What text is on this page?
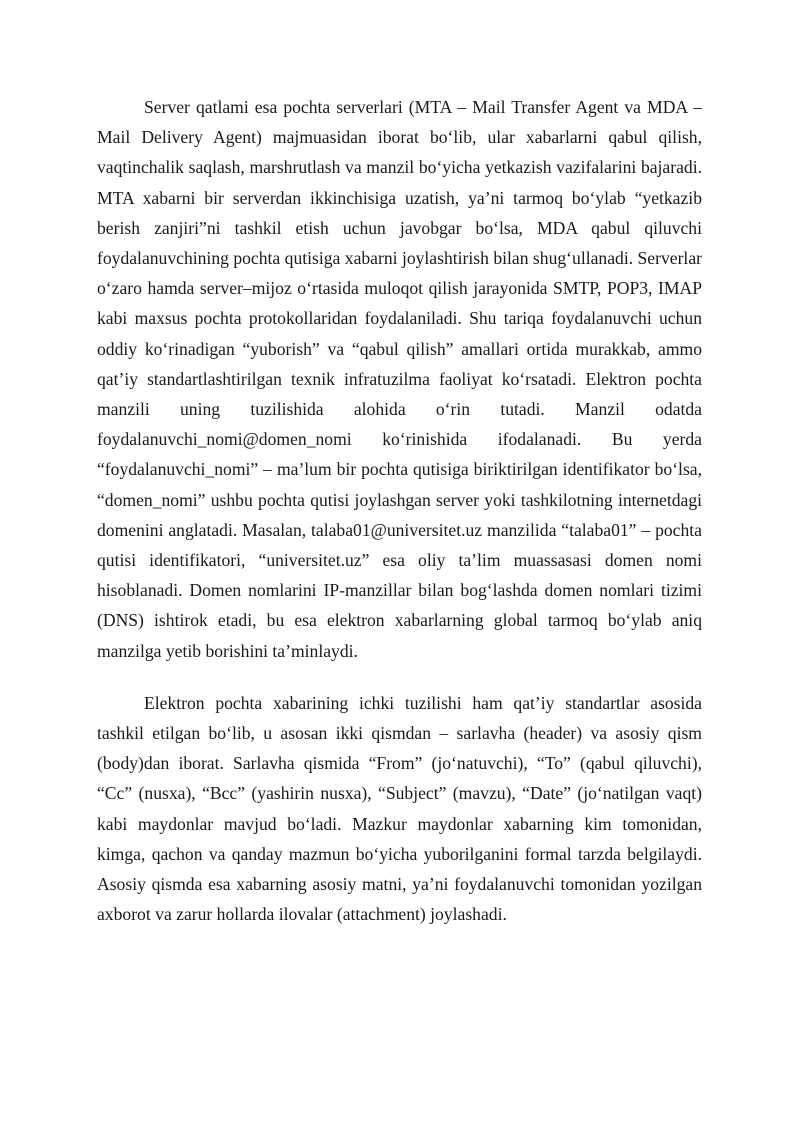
Server qatlami esa pochta serverlari (MTA – Mail Transfer Agent va MDA – Mail Delivery Agent) majmuasidan iborat bo‘lib, ular xabarlarni qabul qilish, vaqtinchalik saqlash, marshrutlash va manzil bo‘yicha yetkazish vazifalarini bajaradi. MTA xabarni bir serverdan ikkinchisiga uzatish, ya’ni tarmoq bo‘ylab “yetkazib berish zanjiri”ni tashkil etish uchun javobgar bo‘lsa, MDA qabul qiluvchi foydalanuvchining pochta qutisiga xabarni joylashtirish bilan shug‘ullanadi. Serverlar o‘zaro hamda server–mijoz o‘rtasida muloqot qilish jarayonida SMTP, POP3, IMAP kabi maxsus pochta protokollaridan foydalaniladi. Shu tariqa foydalanuvchi uchun oddiy ko‘rinadigan “yuborish” va “qabul qilish” amallari ortida murakkab, ammo qat’iy standartlashtirilgan texnik infratuzilma faoliyat ko‘rsatadi. Elektron pochta manzili uning tuzilishida alohida o‘rin tutadi. Manzil odatda foydalanuvchi_nomi@domen_nomi ko‘rinishida ifodalanadi. Bu yerda “foydalanuvchi_nomi” – ma’lum bir pochta qutisiga biriktirilgan identifikator bo‘lsa, “domen_nomi” ushbu pochta qutisi joylashgan server yoki tashkilotning internetdagi domenini anglatadi. Masalan, talaba01@universitet.uz manzilida “talaba01” – pochta qutisi identifikatori, “universitet.uz” esa oliy ta’lim muassasasi domen nomi hisoblanadi. Domen nomlarini IP-manzillar bilan bog‘lashda domen nomlari tizimi (DNS) ishtirok etadi, bu esa elektron xabarlarning global tarmoq bo‘ylab aniq manzilga yetib borishini ta’minlaydi.

Elektron pochta xabarining ichki tuzilishi ham qat’iy standartlar asosida tashkil etilgan bo‘lib, u asosan ikki qismdan – sarlavha (header) va asosiy qism (body)dan iborat. Sarlavha qismida “From” (jo‘natuvchi), “To” (qabul qiluvchi), “Cc” (nusxa), “Bcc” (yashirin nusxa), “Subject” (mavzu), “Date” (jo‘natilgan vaqt) kabi maydonlar mavjud bo‘ladi. Mazkur maydonlar xabarning kim tomonidan, kimga, qachon va qanday mazmun bo‘yicha yuborilganini formal tarzda belgilaydi. Asosiy qismda esa xabarning asosiy matni, ya’ni foydalanuvchi tomonidan yozilgan axborot va zarur hollarda ilovalar (attachment) joylashadi.
